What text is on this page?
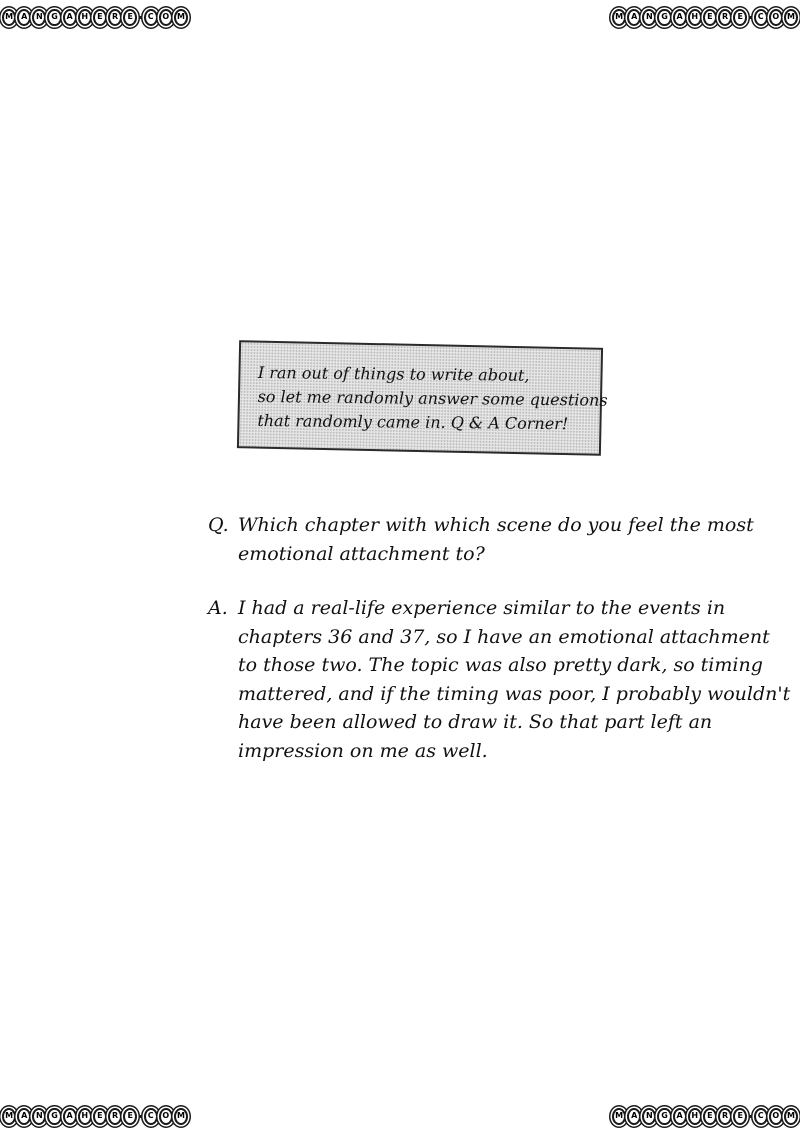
M	A	N	G	A	H	E	R	E	C	O M	M	A	N	G	A	H	E	R	E	C	O M
M	A	N	G	A	H	E	R	E	C	O M	M	A	N	G	A	H	E	R	E	C	O M
I ran out of things to write about,
so let me randomly answer some questions
that randomly came in. Q & A Corner!
Q. Which chapter with which scene do you feel the most
emotional attachment to?
A. I had a real-life experience similar to the events in
chapters 36 and 37, so I have an emotional attachment
to those two. The topic was also pretty dark, so timing
mattered, and if the timing was poor, I probably wouldn't
have been allowed to draw it. So that part left an
impression on me as well.
